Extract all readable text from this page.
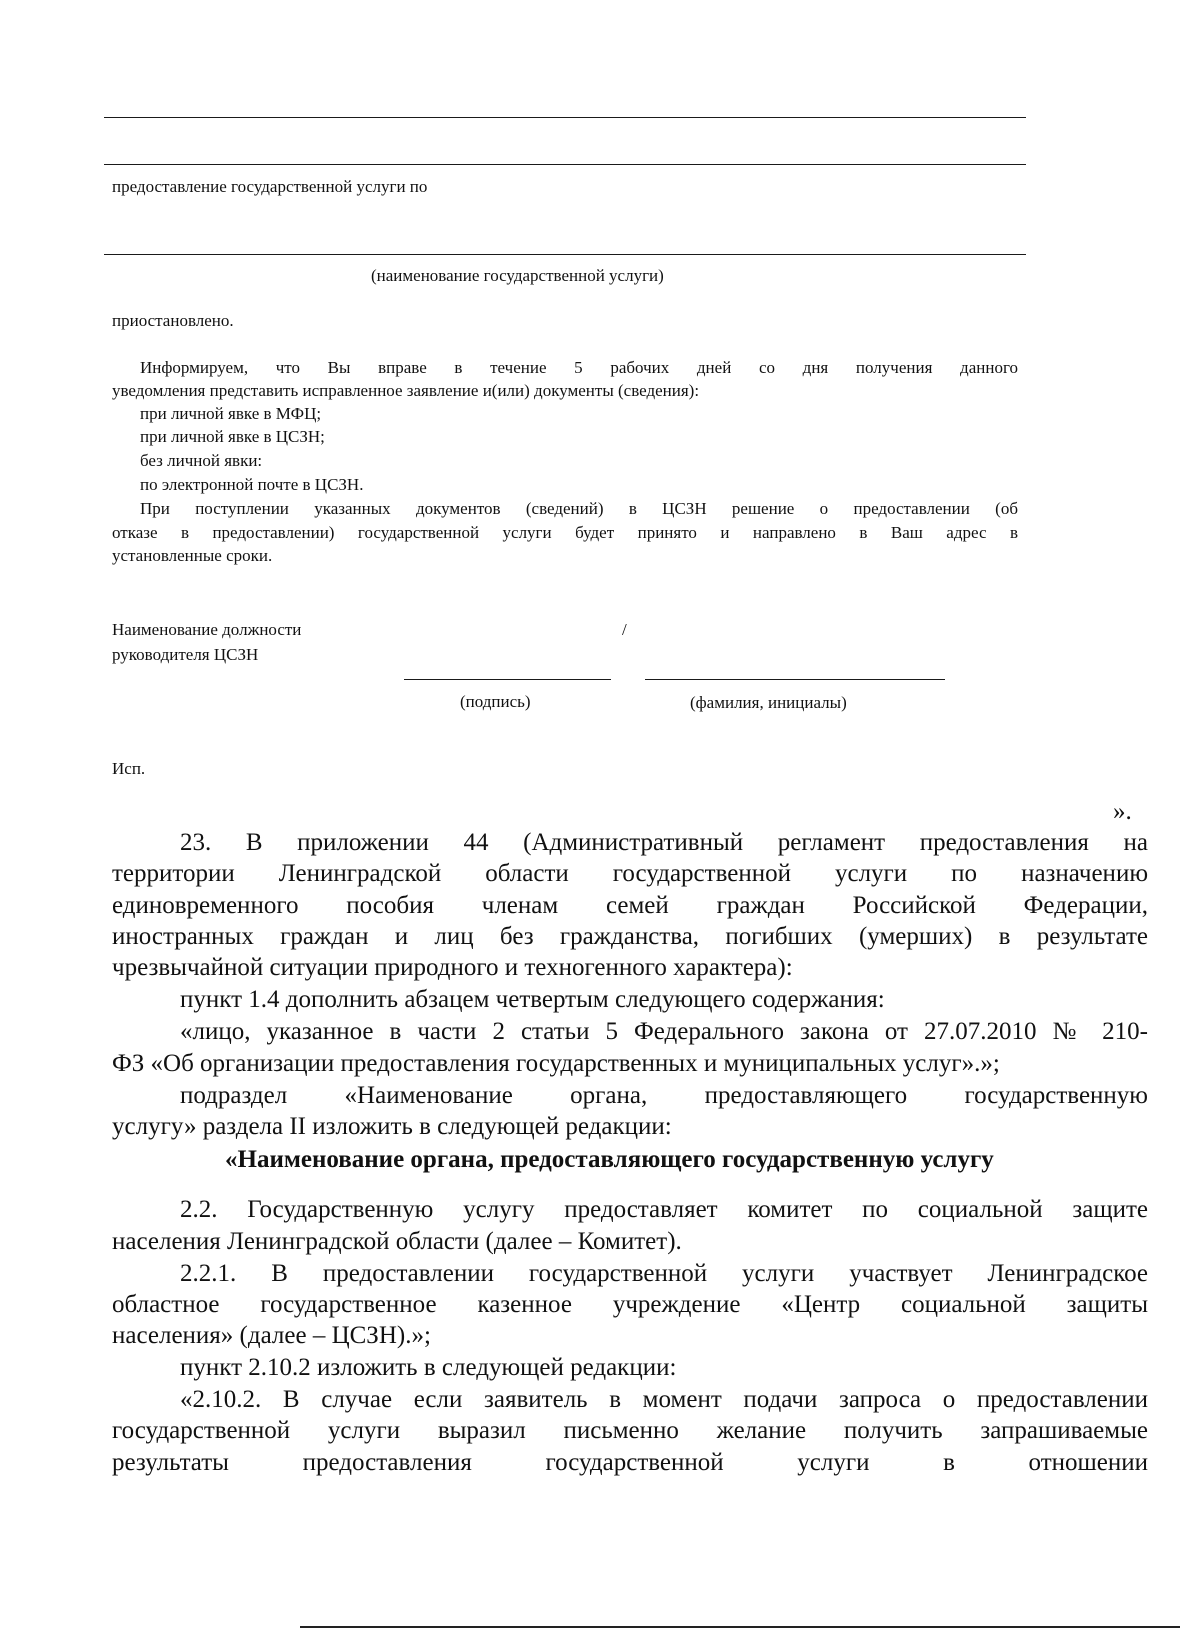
предоставление государственной услуги по
(наименование государственной услуги)
приостановлено.
Информируем, что Вы вправе в течение 5 рабочих дней со дня получения данного
уведомления представить исправленное заявление и(или) документы (сведения):
при личной явке в МФЦ;
при личной явке в ЦСЗН;
без личной явки:
по электронной почте в ЦСЗН.
При поступлении указанных документов (сведений) в ЦСЗН решение о предоставлении (об
отказе в предоставлении) государственной услуги будет принято и направлено в Ваш адрес в
установленные сроки.
Наименование должности
руководителя ЦСЗН
/
(подпись)	(фамилия, инициалы)
Исп.
».
23. В приложении 44 (Административный регламент предоставления на
территории Ленинградской области государственной услуги по назначению
единовременного пособия членам семей граждан Российской Федерации,
иностранных граждан и лиц без гражданства, погибших (умерших) в результате
чрезвычайной ситуации природного и техногенного характера):
пункт 1.4 дополнить абзацем четвертым следующего содержания:
«лицо, указанное в части 2 статьи 5 Федерального закона от 27.07.2010 № 210-
ФЗ «Об организации предоставления государственных и муниципальных услуг».»;
подраздел «Наименование органа, предоставляющего государственную
услугу» раздела II изложить в следующей редакции:
«Наименование органа, предоставляющего государственную услугу
2.2. Государственную услугу предоставляет комитет по социальной защите
населения Ленинградской области (далее – Комитет).
2.2.1. В предоставлении государственной услуги участвует Ленинградское
областное государственное казенное учреждение «Центр социальной защиты
населения» (далее – ЦСЗН).»;
пункт 2.10.2 изложить в следующей редакции:
«2.10.2. В случае если заявитель в момент подачи запроса о предоставлении
государственной услуги выразил письменно желание получить запрашиваемые
результаты предоставления государственной услуги в отношении
